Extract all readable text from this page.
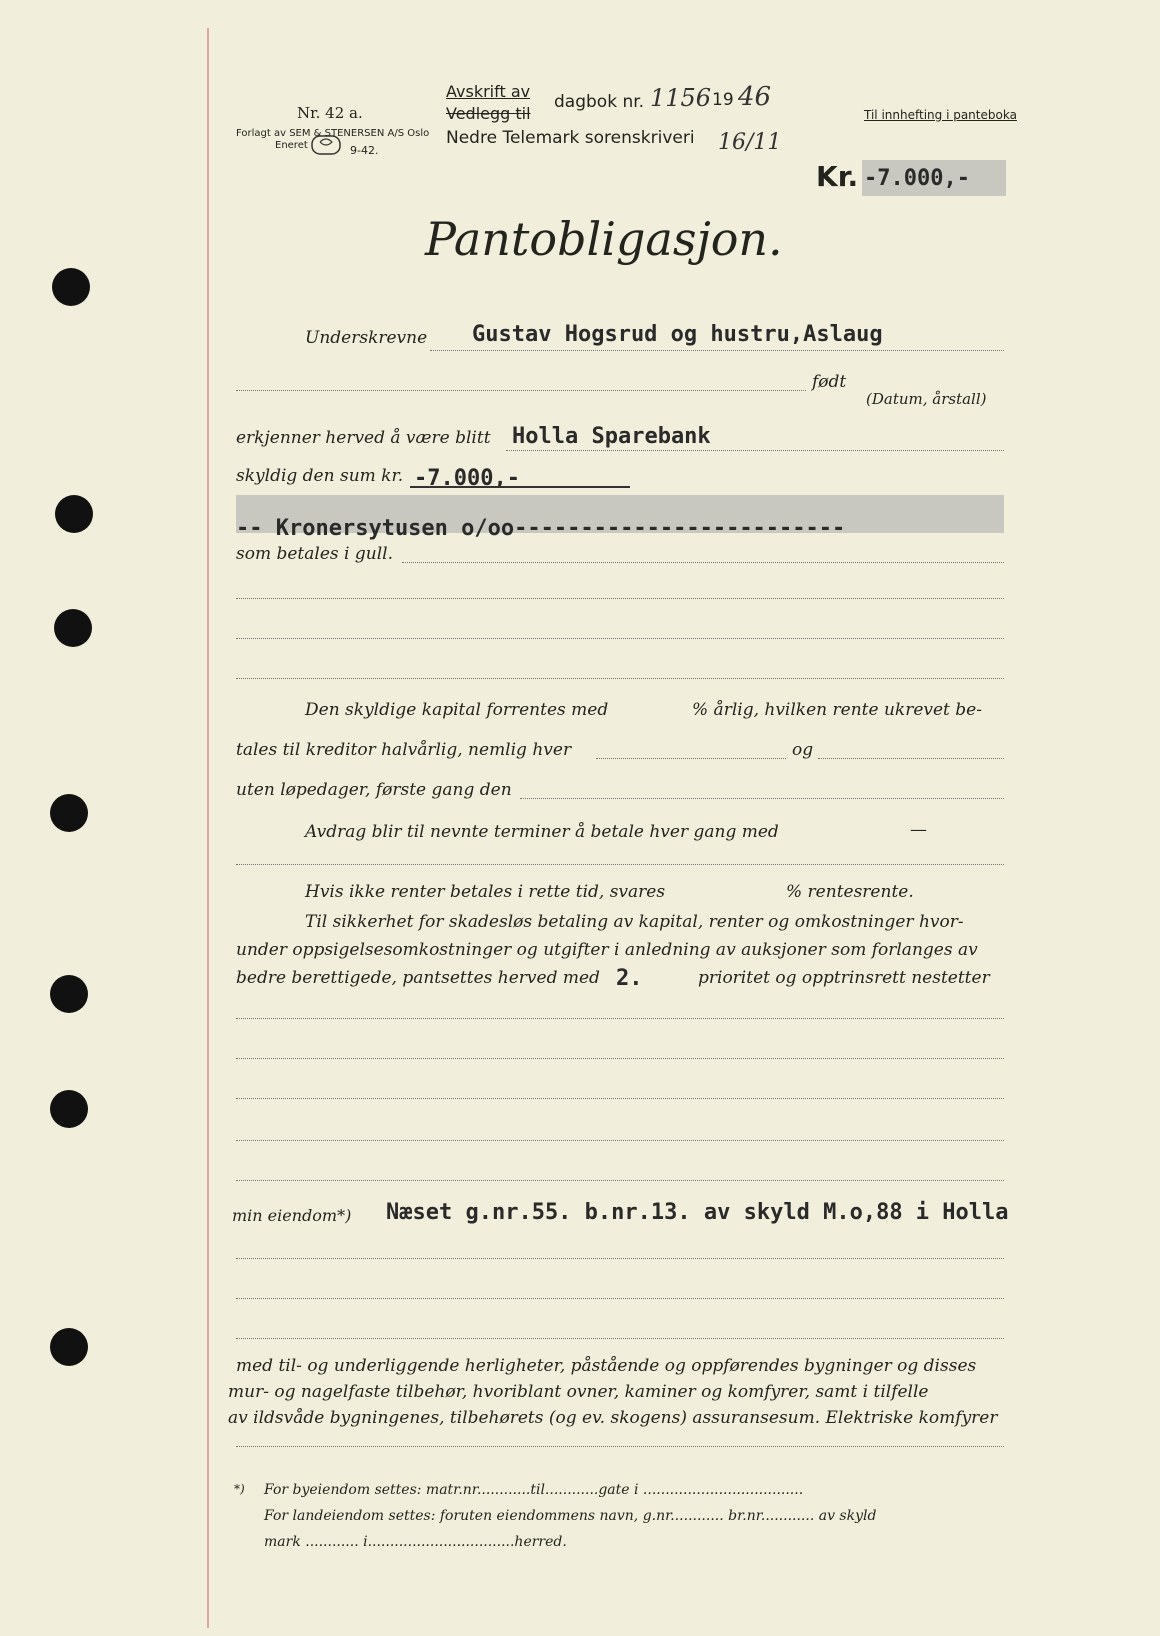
Nr. 42 a.
Forlagt av SEM & STENERSEN A/S Oslo
Eneret	9-42.
Avskrift av
Vedlegg til
dagbok nr. 1156 19 46
Nedre Telemark sorenskriveri 16/11
Til innhefting i panteboka
Kr. -7.000,-
Pantobligasjon.
Underskrevne Gustav Hogsrud og hustru,Aslaug
født
(Datum, årstall)
erkjenner herved å være blitt Holla Sparebank
skyldig den sum kr. -7.000,-
-- Kronersytusen o/oo-------------------------
som betales i gull.
Den skyldige kapital forrentes med	% årlig, hvilken rente ukrevet be-
tales til kreditor halvårlig, nemlig hver	og
uten løpedager, første gang den
Avdrag blir til nevnte terminer å betale hver gang med	—
Hvis ikke renter betales i rette tid, svares	% rentesrente.
Til sikkerhet for skadesløs betaling av kapital, renter og omkostninger hvor-
under oppsigelsesomkostninger og utgifter i anledning av auksjoner som forlanges av
bedre berettigede, pantsettes herved med 2.	prioritet og opptrinsrett nestetter
min eiendom*) Næset g.nr.55. b.nr.13. av skyld M.o,88 i Holla
med til- og underliggende herligheter, påstående og oppførendes bygninger og disses
mur- og nagelfaste tilbehør, hvoriblant ovner, kaminer og komfyrer, samt i tilfelle
av ildsvåde bygningenes, tilbehørets (og ev. skogens) assuransesum. Elektriske komfyrer
*) For byeiendom settes: matr.nr............til............gate i ....................................
For landeiendom settes: foruten eiendommens navn, g.nr............ br.nr............ av skyld
mark ............ i.................................herred.
